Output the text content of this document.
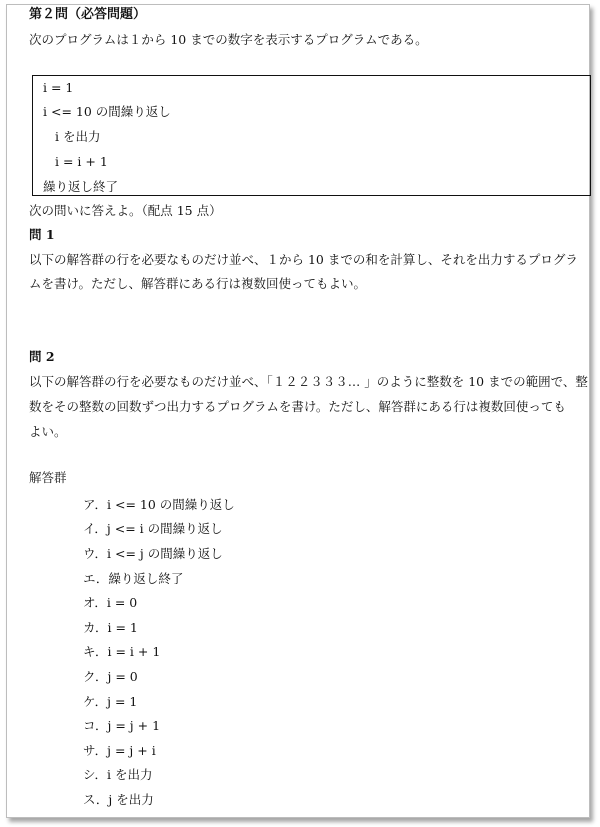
第２問（必答問題）
次のプログラムは１から 10 までの数字を表示するプログラムである。
i = 1
i <= 10 の間繰り返し
i を出力
i = i + 1
繰り返し終了
次の問いに答えよ。（配点 15 点）
問 1
以下の解答群の行を必要なものだけ並べ、１から 10 までの和を計算し、それを出力するプログラ
ムを書け。ただし、解答群にある行は複数回使ってもよい。
問 2
以下の解答群の行を必要なものだけ並べ、「１２２３３３… 」のように整数を 10 までの範囲で、整
数をその整数の回数ずつ出力するプログラムを書け。ただし、解答群にある行は複数回使っても
よい。
解答群
ア．i <= 10 の間繰り返し
イ．j <= i の間繰り返し
ウ．i <= j の間繰り返し
エ．繰り返し終了
オ．i = 0
カ．i = 1
キ．i = i + 1
ク．j = 0
ケ．j = 1
コ．j = j + 1
サ．j = j + i
シ．i を出力
ス．j を出力
